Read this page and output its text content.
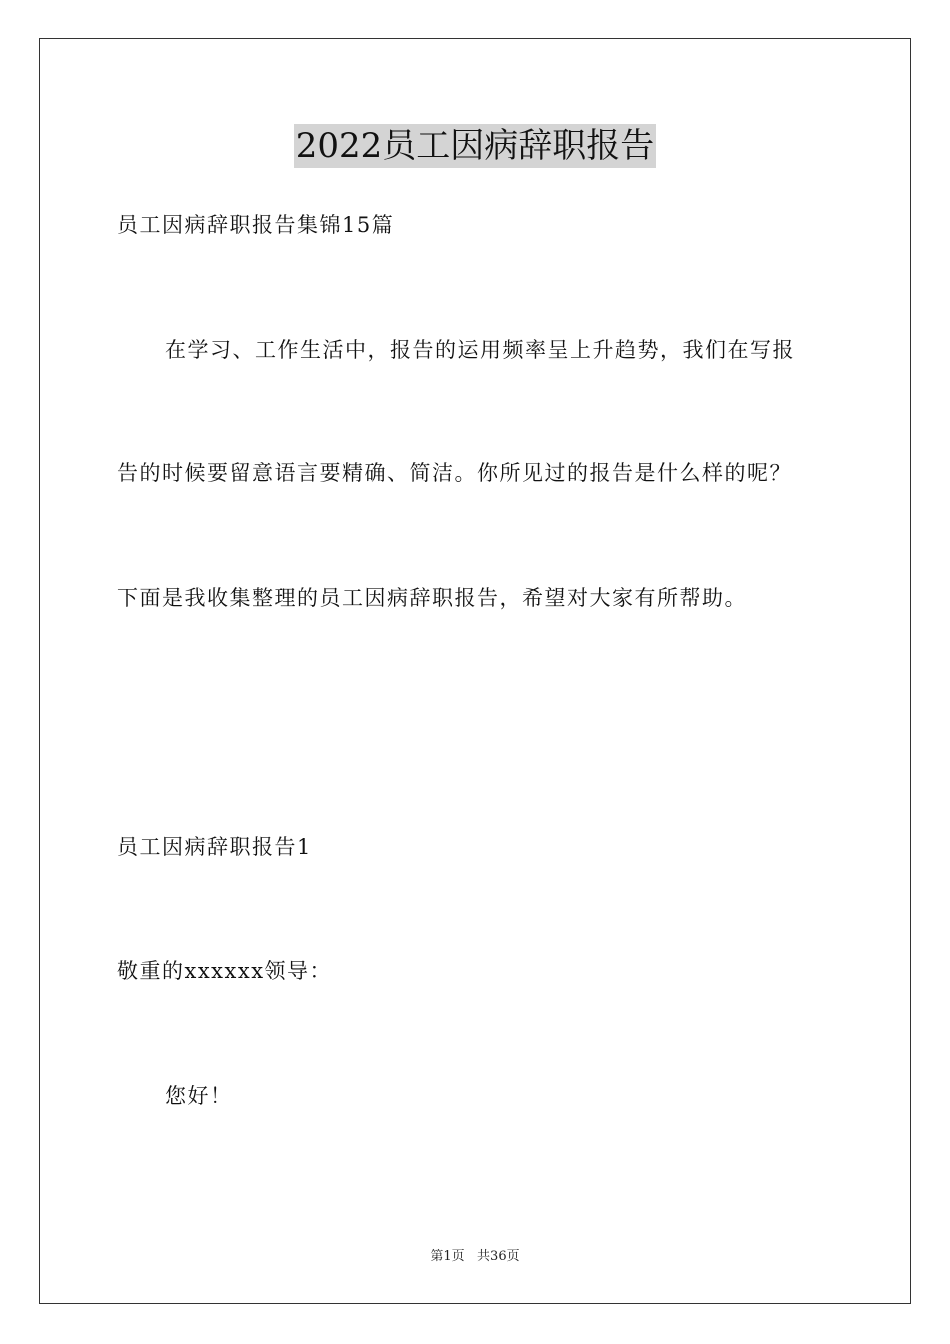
2022员工因病辞职报告
员工因病辞职报告集锦15篇
在学习、工作生活中，报告的运用频率呈上升趋势，我们在写报
告的时候要留意语言要精确、简洁。你所见过的报告是什么样的呢？
下面是我收集整理的员工因病辞职报告，希望对大家有所帮助。
员工因病辞职报告1
敬重的xxxxxx领导：
您好！
第1页   共36页
